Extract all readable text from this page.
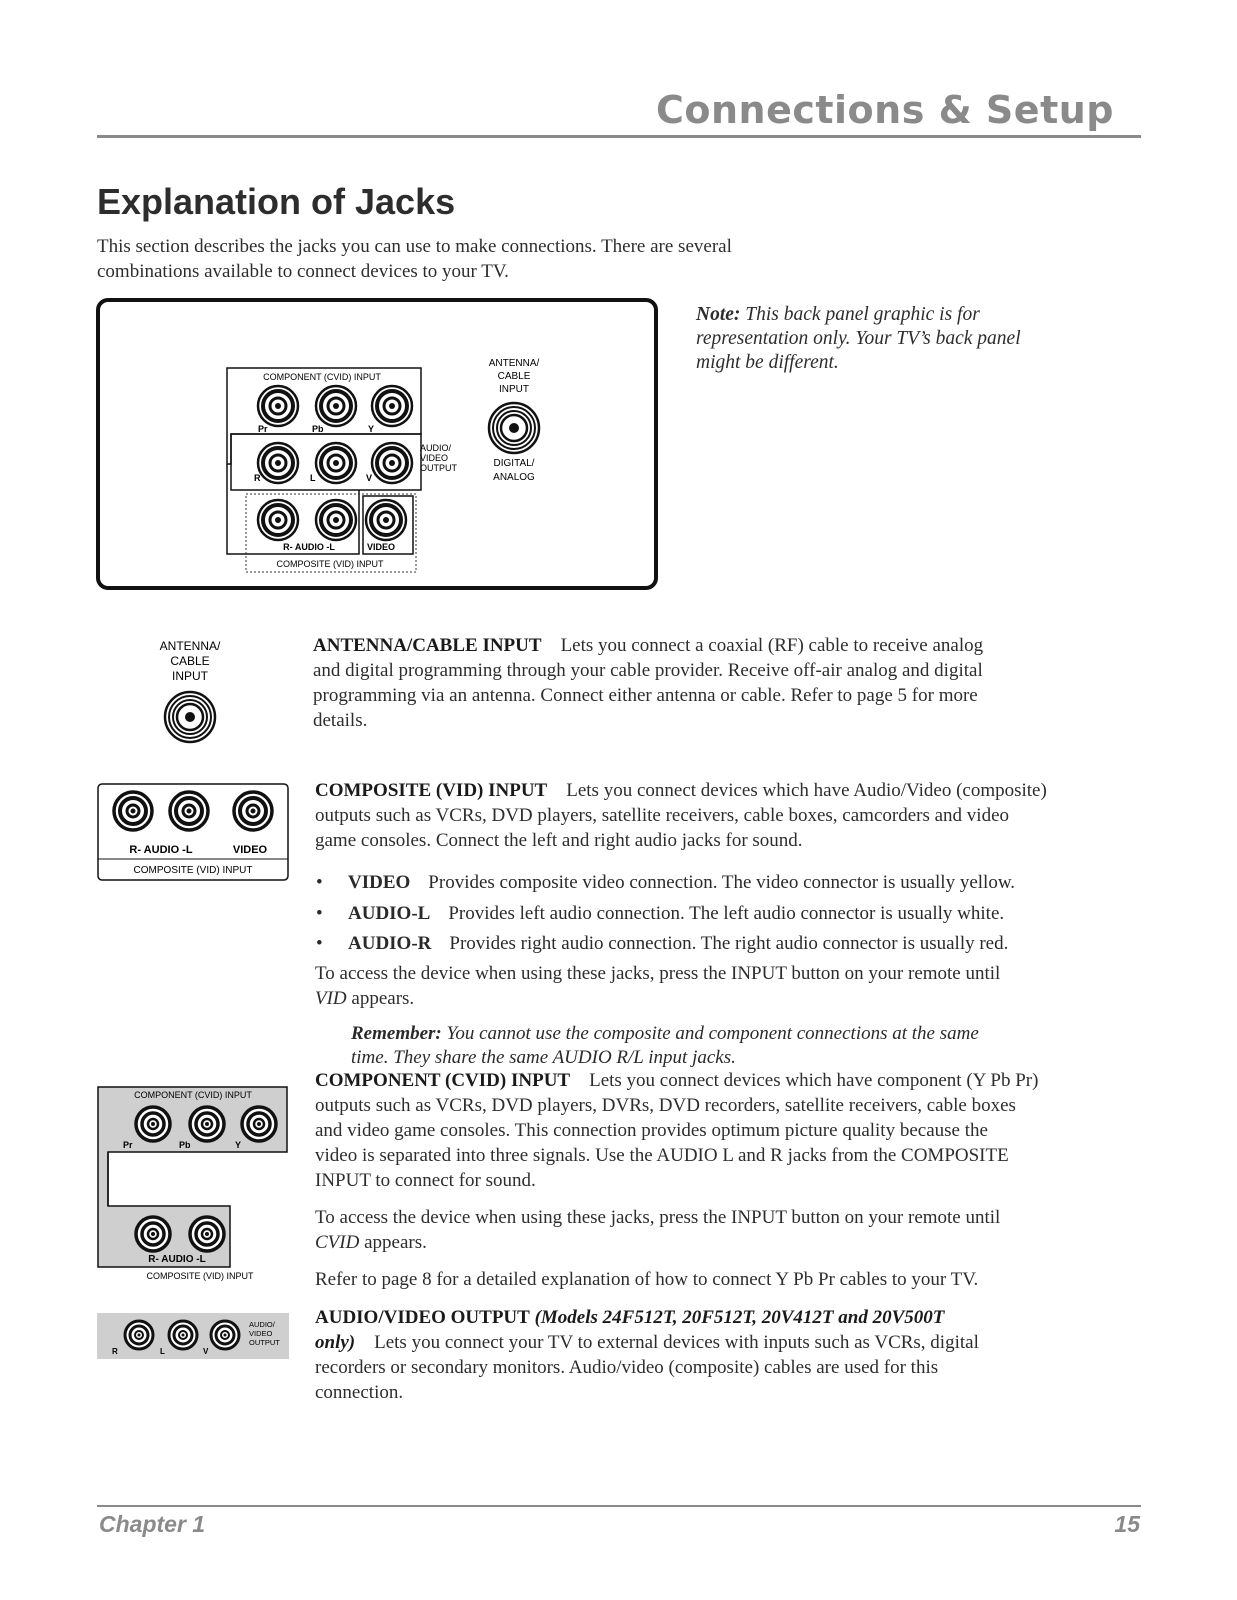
Connections & Setup
Explanation of Jacks
This section describes the jacks you can use to make connections. There are several
combinations available to connect devices to your TV.
COMPONENT (CVID) INPUT
Pr	Pb	Y
R	L	V
AUDIO/
VIDEO
OUTPUT
R- AUDIO -L	VIDEO
COMPOSITE (VID) INPUT
ANTENNA/
CABLE
INPUT
DIGITAL/
ANALOG
Note: This back panel graphic is for
representation only. Your TV’s back panel
might be different.
ANTENNA/
CABLE
INPUT
ANTENNA/CABLE INPUT Lets you connect a coaxial (RF) cable to receive analog
and digital programming through your cable provider. Receive off-air analog and digital
programming via an antenna. Connect either antenna or cable. Refer to page 5 for more
details.
R- AUDIO -L	VIDEO
COMPOSITE (VID) INPUT
COMPOSITE (VID) INPUT Lets you connect devices which have Audio/Video (composite)
outputs such as VCRs, DVD players, satellite receivers, cable boxes, camcorders and video
game consoles. Connect the left and right audio jacks for sound.
• VIDEO Provides composite video connection. The video connector is usually yellow.
• AUDIO-L Provides left audio connection. The left audio connector is usually white.
• AUDIO-R Provides right audio connection. The right audio connector is usually red.
To access the device when using these jacks, press the INPUT button on your remote until
VID appears.
Remember: You cannot use the composite and component connections at the same
time. They share the same AUDIO R/L input jacks.
COMPONENT (CVID) INPUT
Pr	Pb	Y
R- AUDIO -L
COMPOSITE (VID) INPUT
COMPONENT (CVID) INPUT Lets you connect devices which have component (Y Pb Pr)
outputs such as VCRs, DVD players, DVRs, DVD recorders, satellite receivers, cable boxes
and video game consoles. This connection provides optimum picture quality because the
video is separated into three signals. Use the AUDIO L and R jacks from the COMPOSITE
INPUT to connect for sound.
To access the device when using these jacks, press the INPUT button on your remote until
CVID appears.
Refer to page 8 for a detailed explanation of how to connect Y Pb Pr cables to your TV.
R	L	V
AUDIO/
VIDEO
OUTPUT
AUDIO/VIDEO OUTPUT (Models 24F512T, 20F512T, 20V412T and 20V500T
only) Lets you connect your TV to external devices with inputs such as VCRs, digital
recorders or secondary monitors. Audio/video (composite) cables are used for this
connection.
Chapter 1	15
